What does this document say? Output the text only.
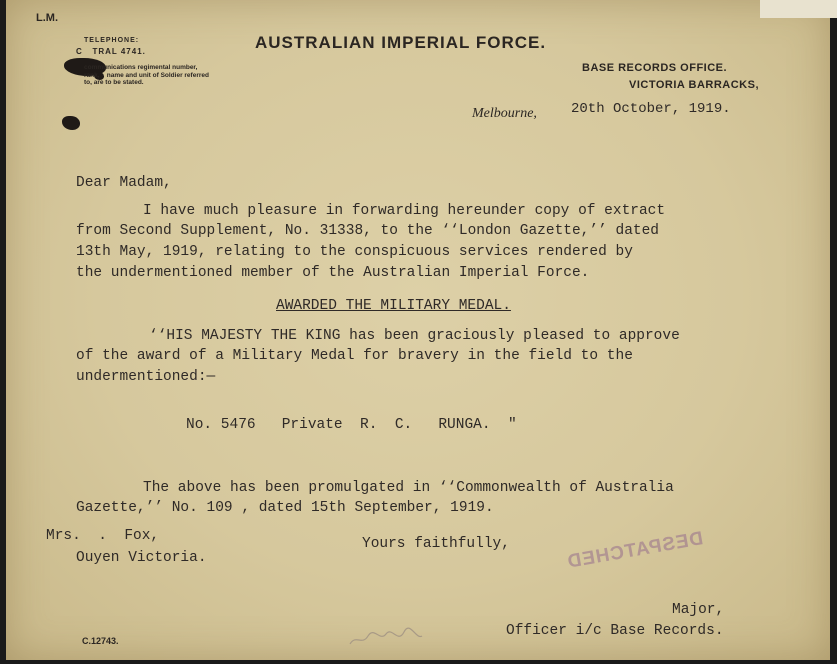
L.M.
TELEPHONE:
C   TRAL 4741.
communications regimental number,
rank,    name and unit of Soldier referred
to, are to be stated.
AUSTRALIAN IMPERIAL FORCE.
BASE RECORDS OFFICE.
VICTORIA BARRACKS,
Melbourne, 20th October, 1919.
Dear Madam,
I have much pleasure in forwarding hereunder copy of extract
from Second Supplement, No. 31338, to the ‘‘London Gazette,’’ dated
13th May, 1919, relating to the conspicuous services rendered by
the undermentioned member of the Australian Imperial Force.
AWARDED THE MILITARY MEDAL.
‘‘HIS MAJESTY THE KING has been graciously pleased to approve
of the award of a Military Medal for bravery in the field to the
undermentioned:—
No. 5476   Private  R.  C.   RUNGA.  "
The above has been promulgated in ‘‘Commonwealth of Australia
Gazette,’’ No. 109 , dated 15th September, 1919.
Mrs.  .  Fox,
Ouyen Victoria.
Yours faithfully,	DESPATCHED
Major,
Officer i/c Base Records.
C.12743.
